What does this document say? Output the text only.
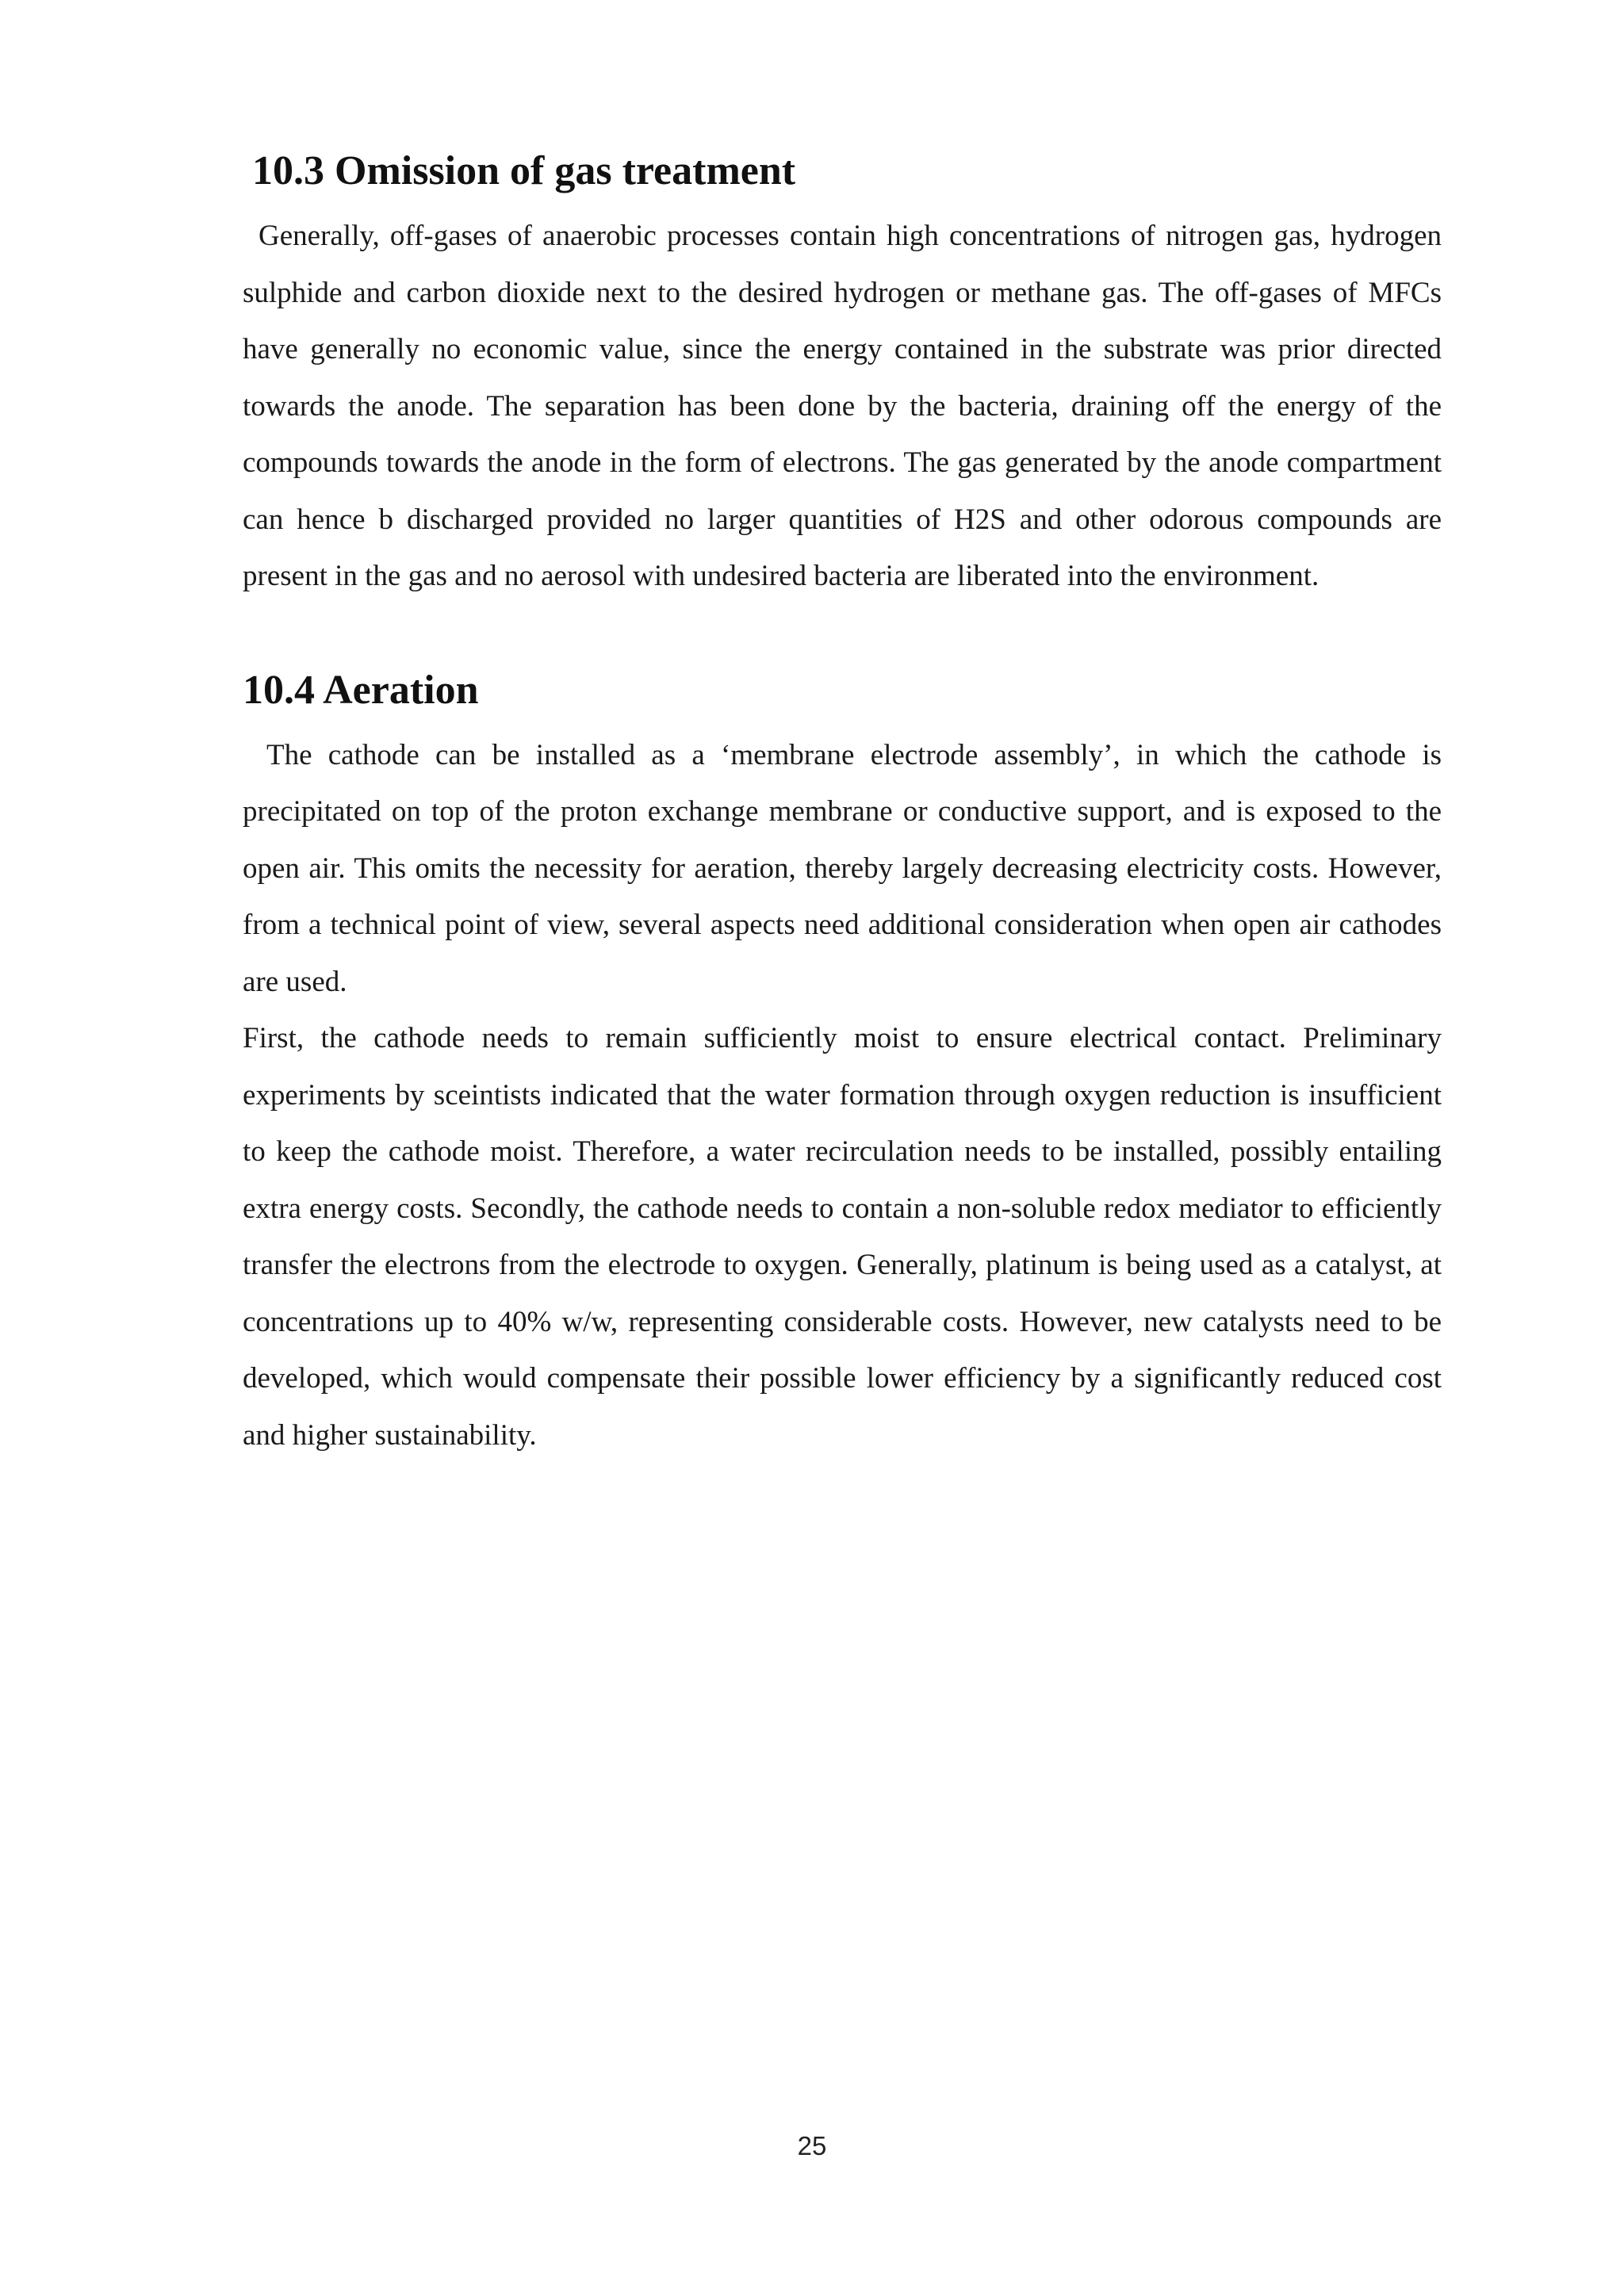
10.3 Omission of gas treatment

Generally, off-gases of anaerobic processes contain high concentrations of nitrogen gas, hydrogen sulphide and carbon dioxide next to the desired hydrogen or methane gas. The off-gases of MFCs have generally no economic value, since the energy contained in the substrate was prior directed towards the anode. The separation has been done by the bacteria, draining off the energy of the compounds towards the anode in the form of electrons. The gas generated by the anode compartment can hence b discharged provided no larger quantities of H2S and other odorous compounds are present in the gas and no aerosol with undesired bacteria are liberated into the environment.

10.4 Aeration

The cathode can be installed as a ‘membrane electrode assembly’, in which the cathode is precipitated on top of the proton exchange membrane or conductive support, and is exposed to the open air. This omits the necessity for aeration, thereby largely decreasing electricity costs. However, from a technical point of view, several aspects need additional consideration when open air cathodes are used.

First, the cathode needs to remain sufficiently moist to ensure electrical contact. Preliminary experiments by sceintists indicated that the water formation through oxygen reduction is insufficient to keep the cathode moist. Therefore, a water recirculation needs to be installed, possibly entailing extra energy costs. Secondly, the cathode needs to contain a non-soluble redox mediator to efficiently transfer the electrons from the electrode to oxygen. Generally, platinum is being used as a catalyst, at concentrations up to 40% w/w, representing considerable costs. However, new catalysts need to be developed, which would compensate their possible lower efficiency by a significantly reduced cost and higher sustainability.

25
